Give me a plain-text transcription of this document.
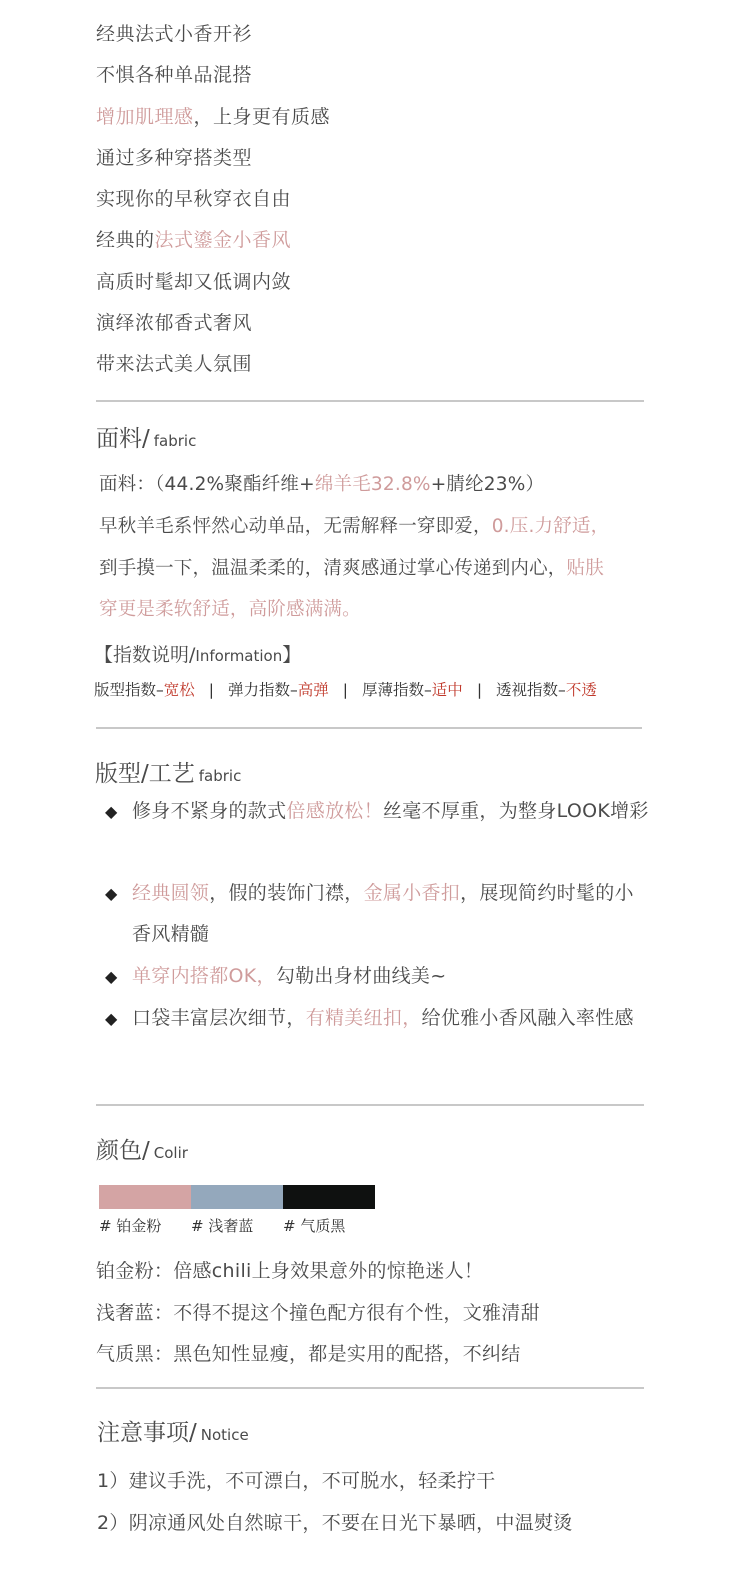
经典法式小香开衫
不惧各种单品混搭
增加肌理感，上身更有质感
通过多种穿搭类型
实现你的早秋穿衣自由
经典的法式鎏金小香风
高质时髦却又低调内敛
演绎浓郁香式奢风
带来法式美人氛围
面料/ fabric
面料：（44.2%聚酯纤维+绵羊毛32.8%+腈纶23%）
早秋羊毛系怦然心动单品，无需解释一穿即爱，0.压.力舒适，
到手摸一下，温温柔柔的，清爽感通过掌心传递到内心，贴肤
穿更是柔软舒适，高阶感满满。
【指数说明/Information】
版型指数–宽松 | 弹力指数–高弹 | 厚薄指数–适中 | 透视指数–不透
版型/工艺 fabric
◆ 修身不紧身的款式倍感放松！丝毫不厚重，为整身LOOK增彩
◆ 经典圆领，假的装饰门襟，金属小香扣，展现简约时髦的小香风精髓
◆ 单穿内搭都OK，勾勒出身材曲线美~
◆ 口袋丰富层次细节，有精美纽扣，给优雅小香风融入率性感
颜色/ Colir
# 铂金粉 # 浅奢蓝 # 气质黑
铂金粉：倍感chili上身效果意外的惊艳迷人！
浅奢蓝：不得不提这个撞色配方很有个性，文雅清甜
气质黑：黑色知性显瘦，都是实用的配搭，不纠结
注意事项/ Notice
1）建议手洗，不可漂白，不可脱水，轻柔拧干
2）阴凉通风处自然晾干，不要在日光下暴晒，中温熨烫
